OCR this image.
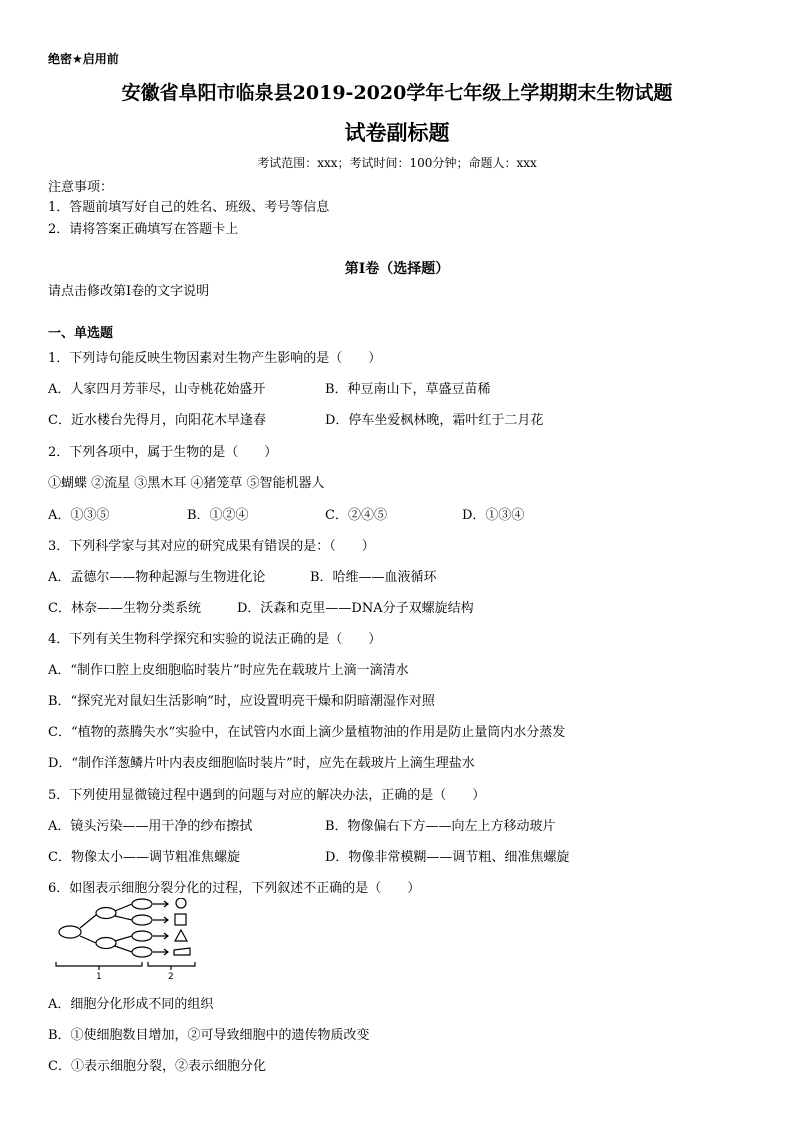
绝密★启用前
安徽省阜阳市临泉县2019-2020学年七年级上学期期末生物试题
试卷副标题
考试范围：xxx；考试时间：100分钟；命题人：xxx
注意事项：
1．答题前填写好自己的姓名、班级、考号等信息
2．请将答案正确填写在答题卡上
第I卷（选择题）
请点击修改第I卷的文字说明
一、单选题
1．下列诗句能反映生物因素对生物产生影响的是（　　）
A．人家四月芳菲尽，山寺桃花始盛开	B．种豆南山下，草盛豆苗稀
C．近水楼台先得月，向阳花木早逢春	D．停车坐爱枫林晚，霜叶红于二月花
2．下列各项中，属于生物的是（　　）
①蝴蝶 ②流星 ③黑木耳 ④猪笼草 ⑤智能机器人
A．①③⑤	B．①②④	C．②④⑤	D．①③④
3．下列科学家与其对应的研究成果有错误的是：（　　）
A．孟德尔——物种起源与生物进化论	B．哈维——血液循环
C．林奈——生物分类系统	D．沃森和克里——DNA分子双螺旋结构
4．下列有关生物科学探究和实验的说法正确的是（　　）
A．“制作口腔上皮细胞临时装片”时应先在载玻片上滴一滴清水
B．“探究光对鼠妇生活影响”时，应设置明亮干燥和阴暗潮湿作对照
C．“植物的蒸腾失水”实验中，在试管内水面上滴少量植物油的作用是防止量筒内水分蒸发
D．“制作洋葱鳞片叶内表皮细胞临时装片”时，应先在载玻片上滴生理盐水
5．下列使用显微镜过程中遇到的问题与对应的解决办法，正确的是（　　）
A．镜头污染——用干净的纱布擦拭	B．物像偏右下方——向左上方移动玻片
C．物像太小——调节粗准焦螺旋	D．物像非常模糊——调节粗、细准焦螺旋
6．如图表示细胞分裂分化的过程，下列叙述不正确的是（　　）
1	2
A．细胞分化形成不同的组织
B．①使细胞数目增加，②可导致细胞中的遗传物质改变
C．①表示细胞分裂，②表示细胞分化
